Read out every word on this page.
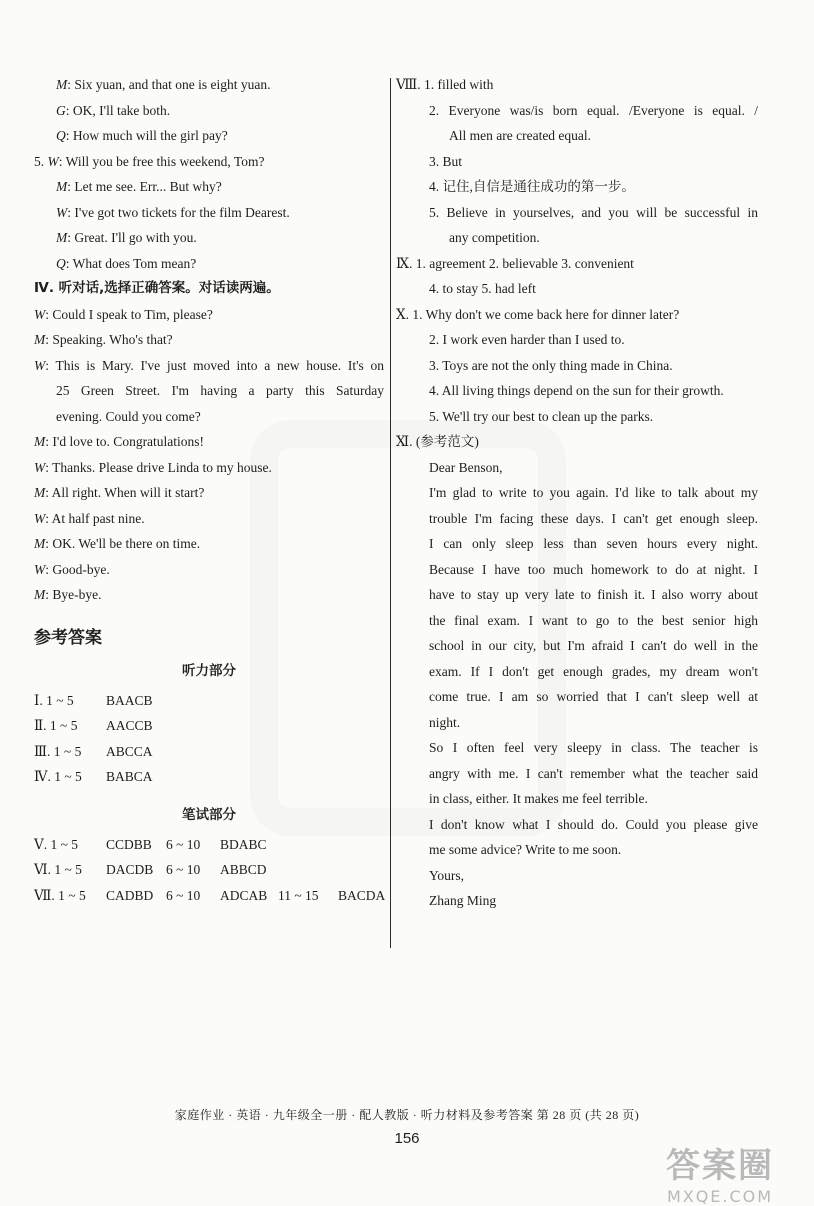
M: Six yuan, and that one is eight yuan.
G: OK, I'll take both.
Q: How much will the girl pay?
5. W: Will you be free this weekend, Tom?
M: Let me see. Err... But why?
W: I've got two tickets for the film Dearest.
M: Great. I'll go with you.
Q: What does Tom mean?
Ⅳ. 听对话,选择正确答案。对话读两遍。
W: Could I speak to Tim, please?
M: Speaking. Who's that?
W: This is Mary. I've just moved into a new house. It's on
25 Green Street. I'm having a party this Saturday
evening. Could you come?
M: I'd love to. Congratulations!
W: Thanks. Please drive Linda to my house.
M: All right. When will it start?
W: At half past nine.
M: OK. We'll be there on time.
W: Good-bye.
M: Bye-bye.
参考答案
听力部分
Ⅰ. 1 ~ 5 BAACB
Ⅱ. 1 ~ 5 AACCB
Ⅲ. 1 ~ 5 ABCCA
Ⅳ. 1 ~ 5 BABCA
笔试部分
Ⅴ. 1 ~ 5 CCDBB 6 ~ 10 BDABC
Ⅵ. 1 ~ 5 DACDB 6 ~ 10 ABBCD
Ⅶ. 1 ~ 5 CADBD 6 ~ 10 ADCAB 11 ~ 15 BACDA
Ⅷ. 1. filled with
2. Everyone was/is born equal. /Everyone is equal. /
All men are created equal.
3. But
4. 记住,自信是通往成功的第一步。
5. Believe in yourselves, and you will be successful in
any competition.
Ⅸ. 1. agreement 2. believable 3. convenient
4. to stay 5. had left
Ⅹ. 1. Why don't we come back here for dinner later?
2. I work even harder than I used to.
3. Toys are not the only thing made in China.
4. All living things depend on the sun for their growth.
5. We'll try our best to clean up the parks.
Ⅺ. (参考范文)
Dear Benson,
I'm glad to write to you again. I'd like to talk about my
trouble I'm facing these days. I can't get enough sleep.
I can only sleep less than seven hours every night.
Because I have too much homework to do at night. I
have to stay up very late to finish it. I also worry about
the final exam. I want to go to the best senior high
school in our city, but I'm afraid I can't do well in the
exam. If I don't get enough grades, my dream won't
come true. I am so worried that I can't sleep well at
night.
So I often feel very sleepy in class. The teacher is
angry with me. I can't remember what the teacher said
in class, either. It makes me feel terrible.
I don't know what I should do. Could you please give
me some advice? Write to me soon.
Yours,
Zhang Ming
家庭作业 · 英语 · 九年级全一册 · 配人教版 · 听力材料及参考答案 第 28 页 (共 28 页)
156
答案圈
MXQE.COM
